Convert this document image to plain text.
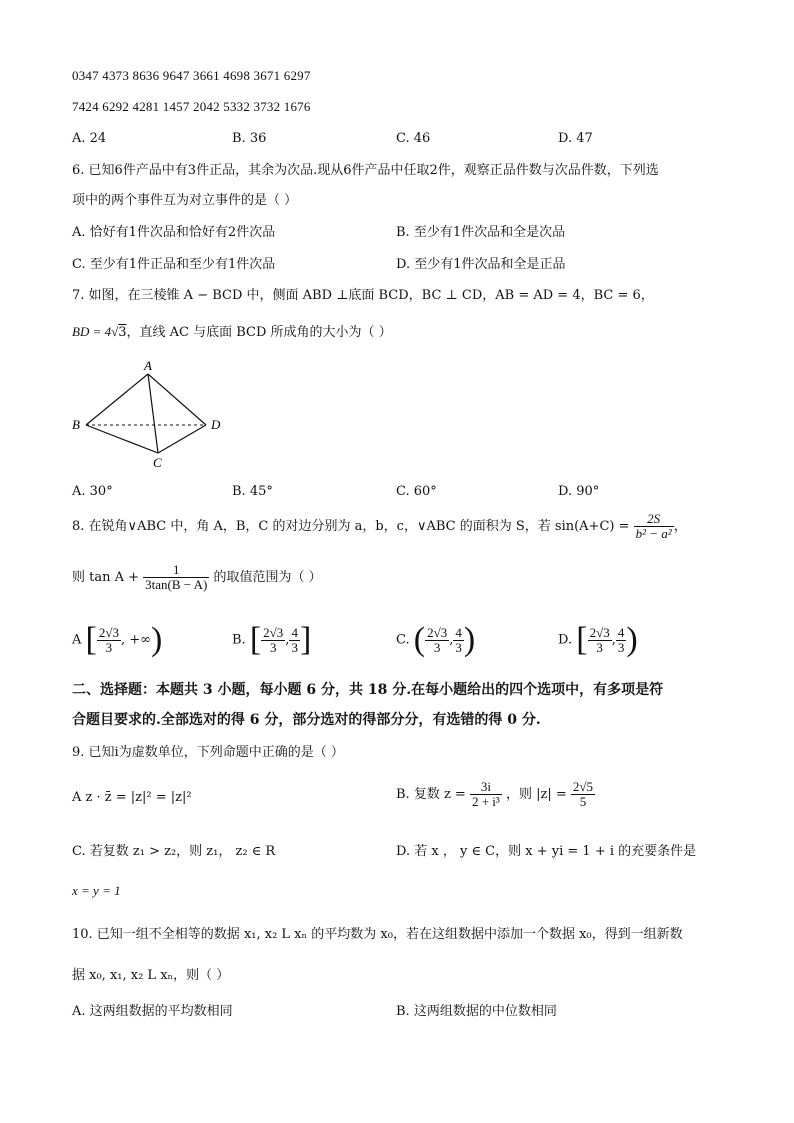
0347 4373 8636 9647 3661 4698 3671 6297
7424 6292 4281 1457 2042 5332 3732 1676
A. 24	B. 36	C. 46	D. 47
6. 已知6件产品中有3件正品，其余为次品.现从6件产品中任取2件，观察正品件数与次品件数，下列选
项中的两个事件互为对立事件的是（ ）
A. 恰好有1件次品和恰好有2件次品	B. 至少有1件次品和全是次品
C. 至少有1件正品和至少有1件次品	D. 至少有1件次品和全是正品
7. 如图，在三棱锥 A − BCD 中，侧面 ABD ⊥底面 BCD，BC ⊥ CD，AB = AD = 4，BC = 6，
BD = 4√3，直线 AC 与底面 BCD 所成角的大小为（ ）
A
B
C
D
A. 30°	B. 45°	C. 60°	D. 90°
8. 在锐角∨ABC 中，角 A，B，C 的对边分别为 a，b，c，∨ABC 的面积为 S，若 $\sin(A+C) = \frac{2S}{\text{b² − a²}}$ ，
则 $\tan A + \frac{1}{3\tan(B - A)}$ 的取值范围为（ ）
A [ $\frac{2√3}{3}$ , +∞)	B. [ $\frac{2√3}{3}$ , $\frac{4}{3}$ ]	C. ( $\frac{2√3}{3}$ , $\frac{4}{3}$ )	D. [ $\frac{2√3}{3}$ , $\frac{4}{3}$ )
二、选择题：本题共 3 小题，每小题 6 分，共 18 分.在每小题给出的四个选项中，有多项是符
合题目要求的.全部选对的得 6 分，部分选对的得部分分，有选错的得 0 分.
9. 已知i为虚数单位，下列命题中正确的是（ ）
A z · z̄ = |z|² = |z|²	B. 复数 $z = \frac{3i}{\text{2 + i³}}$ ，则 $|z| = \frac{2√5}{5}$
C. 若复数 z₁ > z₂，则 z₁， z₂ ∈ R	D. 若 x ， y ∈ C，则 x + yi = 1 + i 的充要条件是
x = y = 1
10. 已知一组不全相等的数据 x₁, x₂ L xₙ 的平均数为 x₀，若在这组数据中添加一个数据 x₀，得到一组新数
据 x₀, x₁, x₂ L xₙ，则（ ）
A. 这两组数据的平均数相同	B. 这两组数据的中位数相同
